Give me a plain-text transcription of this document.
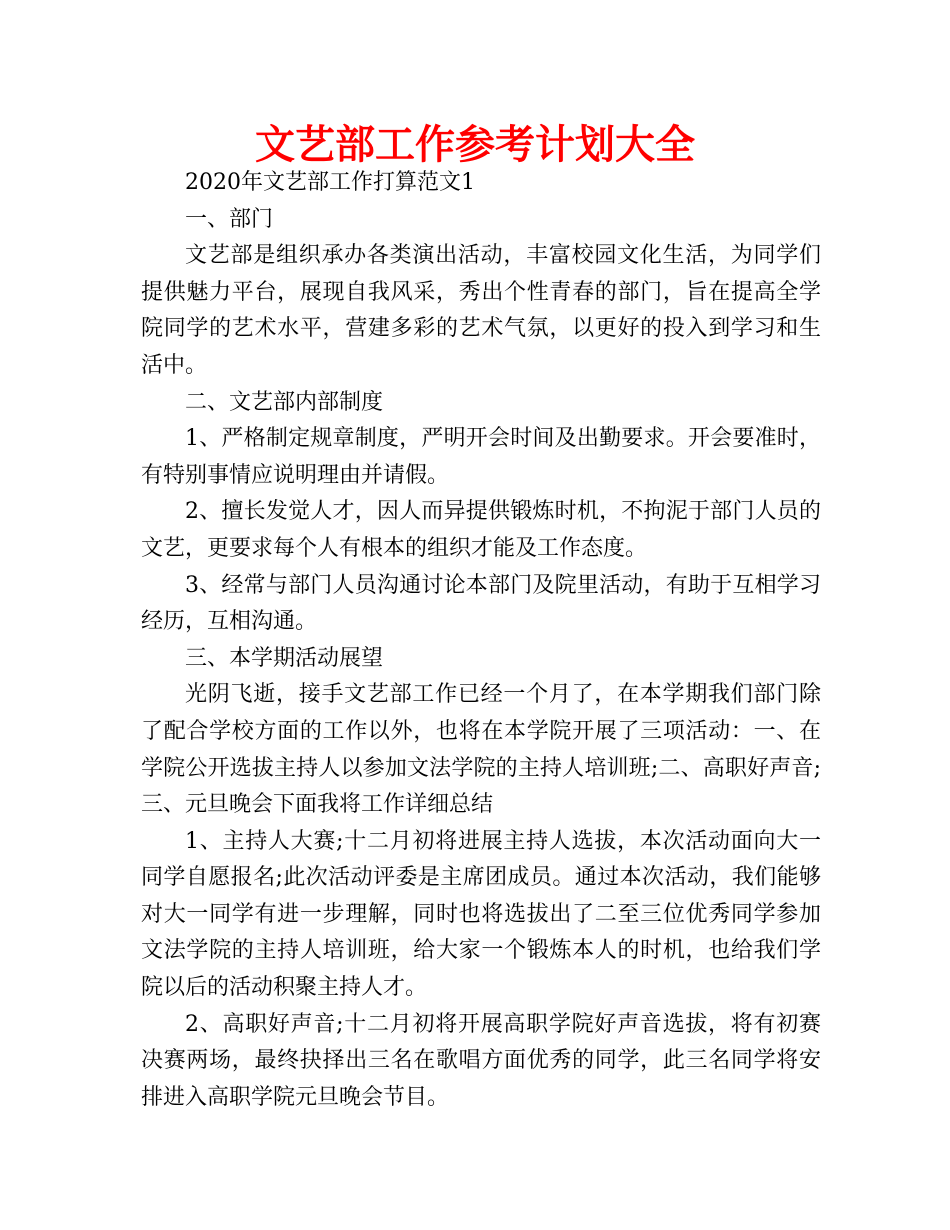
文艺部工作参考计划大全

2020年文艺部工作打算范文1

一、部门

文艺部是组织承办各类演出活动，丰富校园文化生活，为同学们提供魅力平台，展现自我风采，秀出个性青春的部门，旨在提高全学院同学的艺术水平，营建多彩的艺术气氛，以更好的投入到学习和生活中。

二、文艺部内部制度

1、严格制定规章制度，严明开会时间及出勤要求。开会要准时，有特别事情应说明理由并请假。

2、擅长发觉人才，因人而异提供锻炼时机，不拘泥于部门人员的文艺，更要求每个人有根本的组织才能及工作态度。

3、经常与部门人员沟通讨论本部门及院里活动，有助于互相学习经历，互相沟通。

三、本学期活动展望

光阴飞逝，接手文艺部工作已经一个月了，在本学期我们部门除了配合学校方面的工作以外，也将在本学院开展了三项活动：一、在学院公开选拔主持人以参加文法学院的主持人培训班;二、高职好声音;三、元旦晚会下面我将工作详细总结

1、主持人大赛;十二月初将进展主持人选拔，本次活动面向大一同学自愿报名;此次活动评委是主席团成员。通过本次活动，我们能够对大一同学有进一步理解，同时也将选拔出了二至三位优秀同学参加文法学院的主持人培训班，给大家一个锻炼本人的时机，也给我们学院以后的活动积聚主持人才。

2、高职好声音;十二月初将开展高职学院好声音选拔，将有初赛决赛两场，最终抉择出三名在歌唱方面优秀的同学，此三名同学将安排进入高职学院元旦晚会节目。
